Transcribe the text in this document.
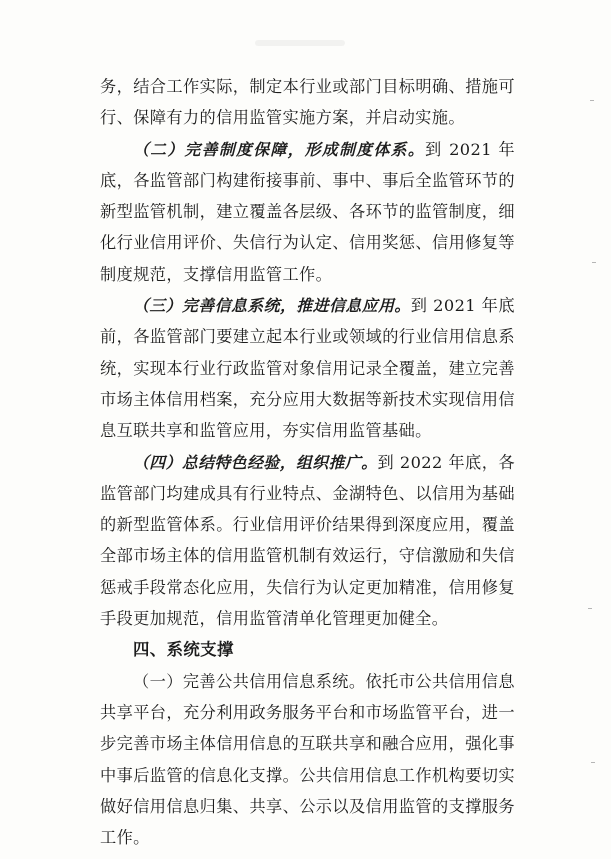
务，结合工作实际，制定本行业或部门目标明确、措施可行、保障有力的信用监管实施方案，并启动实施。

（二）完善制度保障，形成制度体系。到 2021 年底，各监管部门构建衔接事前、事中、事后全监管环节的新型监管机制，建立覆盖各层级、各环节的监管制度，细化行业信用评价、失信行为认定、信用奖惩、信用修复等制度规范，支撑信用监管工作。

（三）完善信息系统，推进信息应用。到 2021 年底前，各监管部门要建立起本行业或领域的行业信用信息系统，实现本行业行政监管对象信用记录全覆盖，建立完善市场主体信用档案，充分应用大数据等新技术实现信用信息互联共享和监管应用，夯实信用监管基础。

（四）总结特色经验，组织推广。到 2022 年底，各监管部门均建成具有行业特点、金湖特色、以信用为基础的新型监管体系。行业信用评价结果得到深度应用，覆盖全部市场主体的信用监管机制有效运行，守信激励和失信惩戒手段常态化应用，失信行为认定更加精准，信用修复手段更加规范，信用监管清单化管理更加健全。

四、系统支撑

（一）完善公共信用信息系统。依托市公共信用信息共享平台，充分利用政务服务平台和市场监管平台，进一步完善市场主体信用信息的互联共享和融合应用，强化事中事后监管的信息化支撑。公共信用信息工作机构要切实做好信用信息归集、共享、公示以及信用监管的支撑服务工作。
